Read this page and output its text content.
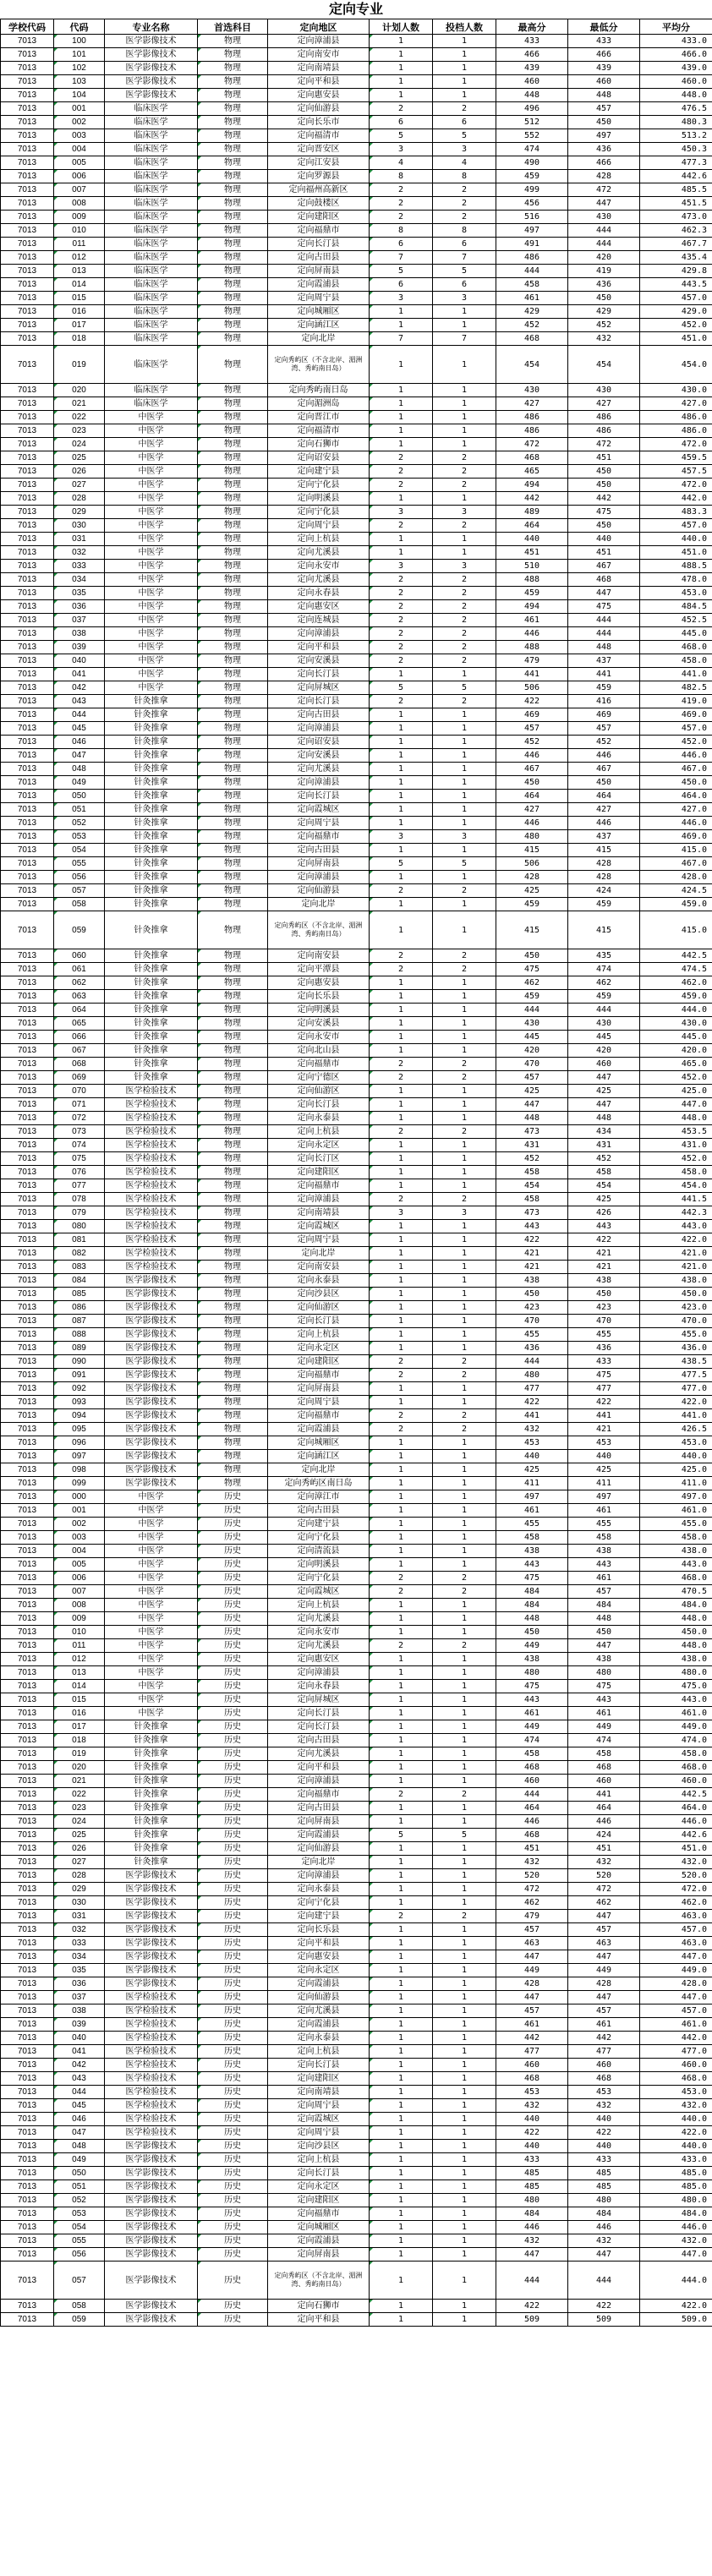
定向专业
学校代码	代码	专业名称	首选科目	定向地区	计划人数	投档人数	最高分	最低分	平均分
7013	100	医学影像技术	物理	定向漳浦县	1	1	433	433	433.0
7013	101	医学影像技术	物理	定向南安市	1	1	466	466	466.0
7013	102	医学影像技术	物理	定向南靖县	1	1	439	439	439.0
7013	103	医学影像技术	物理	定向平和县	1	1	460	460	460.0
7013	104	医学影像技术	物理	定向惠安县	1	1	448	448	448.0
7013	001	临床医学	物理	定向仙游县	2	2	496	457	476.5
7013	002	临床医学	物理	定向长乐市	6	6	512	450	480.3
7013	003	临床医学	物理	定向福清市	5	5	552	497	513.2
7013	004	临床医学	物理	定向晋安区	3	3	474	436	450.3
7013	005	临床医学	物理	定向江安县	4	4	490	466	477.3
7013	006	临床医学	物理	定向罗源县	8	8	459	428	442.6
7013	007	临床医学	物理	定向福州高新区	2	2	499	472	485.5
7013	008	临床医学	物理	定向鼓楼区	2	2	456	447	451.5
7013	009	临床医学	物理	定向建阳区	2	2	516	430	473.0
7013	010	临床医学	物理	定向福鼎市	8	8	497	444	462.3
7013	011	临床医学	物理	定向长汀县	6	6	491	444	467.7
7013	012	临床医学	物理	定向古田县	7	7	486	420	435.4
7013	013	临床医学	物理	定向屏南县	5	5	444	419	429.8
7013	014	临床医学	物理	定向霞浦县	6	6	458	436	443.5
7013	015	临床医学	物理	定向周宁县	3	3	461	450	457.0
7013	016	临床医学	物理	定向城厢区	1	1	429	429	429.0
7013	017	临床医学	物理	定向涵江区	1	1	452	452	452.0
7013	018	临床医学	物理	定向北岸	7	7	468	432	451.0
7013	019	临床医学	物理	定向秀屿区（不含北岸、湄洲湾、秀屿南日岛）	1	1	454	454	454.0
7013	020	临床医学	物理	定向秀屿南日岛	1	1	430	430	430.0
7013	021	临床医学	物理	定向湄洲岛	1	1	427	427	427.0
7013	022	中医学	物理	定向晋江市	1	1	486	486	486.0
7013	023	中医学	物理	定向福清市	1	1	486	486	486.0
7013	024	中医学	物理	定向石狮市	1	1	472	472	472.0
7013	025	中医学	物理	定向诏安县	2	2	468	451	459.5
7013	026	中医学	物理	定向建宁县	2	2	465	450	457.5
7013	027	中医学	物理	定向宁化县	2	2	494	450	472.0
7013	028	中医学	物理	定向明溪县	1	1	442	442	442.0
7013	029	中医学	物理	定向宁化县	3	3	489	475	483.3
7013	030	中医学	物理	定向周宁县	2	2	464	450	457.0
7013	031	中医学	物理	定向上杭县	1	1	440	440	440.0
7013	032	中医学	物理	定向尤溪县	1	1	451	451	451.0
7013	033	中医学	物理	定向永安市	3	3	510	467	488.5
7013	034	中医学	物理	定向尤溪县	2	2	488	468	478.0
7013	035	中医学	物理	定向永春县	2	2	459	447	453.0
7013	036	中医学	物理	定向惠安区	2	2	494	475	484.5
7013	037	中医学	物理	定向连城县	2	2	461	444	452.5
7013	038	中医学	物理	定向漳浦县	2	2	446	444	445.0
7013	039	中医学	物理	定向平和县	2	2	488	448	468.0
7013	040	中医学	物理	定向安溪县	2	2	479	437	458.0
7013	041	中医学	物理	定向长汀县	1	1	441	441	441.0
7013	042	中医学	物理	定向屏城区	5	5	506	459	482.5
7013	043	针灸推拿	物理	定向长汀县	2	2	422	416	419.0
7013	044	针灸推拿	物理	定向古田县	1	1	469	469	469.0
7013	045	针灸推拿	物理	定向漳浦县	1	1	457	457	457.0
7013	046	针灸推拿	物理	定向诏安县	1	1	452	452	452.0
7013	047	针灸推拿	物理	定向安溪县	1	1	446	446	446.0
7013	048	针灸推拿	物理	定向尤溪县	1	1	467	467	467.0
7013	049	针灸推拿	物理	定向漳浦县	1	1	450	450	450.0
7013	050	针灸推拿	物理	定向长汀县	1	1	464	464	464.0
7013	051	针灸推拿	物理	定向霞城区	1	1	427	427	427.0
7013	052	针灸推拿	物理	定向周宁县	1	1	446	446	446.0
7013	053	针灸推拿	物理	定向福鼎市	3	3	480	437	469.0
7013	054	针灸推拿	物理	定向古田县	1	1	415	415	415.0
7013	055	针灸推拿	物理	定向屏南县	5	5	506	428	467.0
7013	056	针灸推拿	物理	定向漳浦县	1	1	428	428	428.0
7013	057	针灸推拿	物理	定向仙游县	2	2	425	424	424.5
7013	058	针灸推拿	物理	定向北岸	1	1	459	459	459.0
7013	059	针灸推拿	物理	定向秀屿区（不含北岸、湄洲湾、秀屿南日岛）	1	1	415	415	415.0
7013	060	针灸推拿	物理	定向南安县	2	2	450	435	442.5
7013	061	针灸推拿	物理	定向平潭县	2	2	475	474	474.5
7013	062	针灸推拿	物理	定向惠安县	1	1	462	462	462.0
7013	063	针灸推拿	物理	定向长乐县	1	1	459	459	459.0
7013	064	针灸推拿	物理	定向明溪县	1	1	444	444	444.0
7013	065	针灸推拿	物理	定向安溪县	1	1	430	430	430.0
7013	066	针灸推拿	物理	定向永安市	1	1	445	445	445.0
7013	067	针灸推拿	物理	定向北山县	1	1	420	420	420.0
7013	068	针灸推拿	物理	定向福鼎市	2	2	470	460	465.0
7013	069	针灸推拿	物理	定向宁德区	2	2	457	447	452.0
7013	070	医学检验技术	物理	定向仙游区	1	1	425	425	425.0
7013	071	医学检验技术	物理	定向长汀县	1	1	447	447	447.0
7013	072	医学检验技术	物理	定向永泰县	1	1	448	448	448.0
7013	073	医学检验技术	物理	定向上杭县	2	2	473	434	453.5
7013	074	医学检验技术	物理	定向永定区	1	1	431	431	431.0
7013	075	医学检验技术	物理	定向长汀区	1	1	452	452	452.0
7013	076	医学检验技术	物理	定向建阳区	1	1	458	458	458.0
7013	077	医学检验技术	物理	定向福鼎市	1	1	454	454	454.0
7013	078	医学检验技术	物理	定向漳浦县	2	2	458	425	441.5
7013	079	医学检验技术	物理	定向南靖县	3	3	473	426	442.3
7013	080	医学检验技术	物理	定向霞城区	1	1	443	443	443.0
7013	081	医学检验技术	物理	定向周宁县	1	1	422	422	422.0
7013	082	医学检验技术	物理	定向北岸	1	1	421	421	421.0
7013	083	医学检验技术	物理	定向南安县	1	1	421	421	421.0
7013	084	医学影像技术	物理	定向永泰县	1	1	438	438	438.0
7013	085	医学影像技术	物理	定向沙县区	1	1	450	450	450.0
7013	086	医学影像技术	物理	定向仙游区	1	1	423	423	423.0
7013	087	医学影像技术	物理	定向长汀县	1	1	470	470	470.0
7013	088	医学影像技术	物理	定向上杭县	1	1	455	455	455.0
7013	089	医学影像技术	物理	定向永定区	1	1	436	436	436.0
7013	090	医学影像技术	物理	定向建阳区	2	2	444	433	438.5
7013	091	医学影像技术	物理	定向福鼎市	2	2	480	475	477.5
7013	092	医学影像技术	物理	定向屏南县	1	1	477	477	477.0
7013	093	医学影像技术	物理	定向周宁县	1	1	422	422	422.0
7013	094	医学影像技术	物理	定向福鼎市	2	2	441	441	441.0
7013	095	医学影像技术	物理	定向霞浦县	2	2	432	421	426.5
7013	096	医学影像技术	物理	定向城厢区	1	1	453	453	453.0
7013	097	医学影像技术	物理	定向涵江区	1	1	440	440	440.0
7013	098	医学影像技术	物理	定向北岸	1	1	425	425	425.0
7013	099	医学影像技术	物理	定向秀屿区南日岛	1	1	411	411	411.0
7013	000	中医学	历史	定向漳江市	1	1	497	497	497.0
7013	001	中医学	历史	定向古田县	1	1	461	461	461.0
7013	002	中医学	历史	定向建宁县	1	1	455	455	455.0
7013	003	中医学	历史	定向宁化县	1	1	458	458	458.0
7013	004	中医学	历史	定向清流县	1	1	438	438	438.0
7013	005	中医学	历史	定向明溪县	1	1	443	443	443.0
7013	006	中医学	历史	定向宁化县	2	2	475	461	468.0
7013	007	中医学	历史	定向霞城区	2	2	484	457	470.5
7013	008	中医学	历史	定向上杭县	1	1	484	484	484.0
7013	009	中医学	历史	定向尤溪县	1	1	448	448	448.0
7013	010	中医学	历史	定向永安市	1	1	450	450	450.0
7013	011	中医学	历史	定向尤溪县	2	2	449	447	448.0
7013	012	中医学	历史	定向惠安区	1	1	438	438	438.0
7013	013	中医学	历史	定向漳浦县	1	1	480	480	480.0
7013	014	中医学	历史	定向永春县	1	1	475	475	475.0
7013	015	中医学	历史	定向屏城区	1	1	443	443	443.0
7013	016	中医学	历史	定向长汀县	1	1	461	461	461.0
7013	017	针灸推拿	历史	定向长汀县	1	1	449	449	449.0
7013	018	针灸推拿	历史	定向古田县	1	1	474	474	474.0
7013	019	针灸推拿	历史	定向尤溪县	1	1	458	458	458.0
7013	020	针灸推拿	历史	定向平和县	1	1	468	468	468.0
7013	021	针灸推拿	历史	定向漳浦县	1	1	460	460	460.0
7013	022	针灸推拿	历史	定向福鼎市	2	2	444	441	442.5
7013	023	针灸推拿	历史	定向古田县	1	1	464	464	464.0
7013	024	针灸推拿	历史	定向屏南县	1	1	446	446	446.0
7013	025	针灸推拿	历史	定向霞浦县	5	5	468	424	442.6
7013	026	针灸推拿	历史	定向仙游县	1	1	451	451	451.0
7013	027	针灸推拿	历史	定向北岸	1	1	432	432	432.0
7013	028	医学影像技术	历史	定向漳浦县	1	1	520	520	520.0
7013	029	医学影像技术	历史	定向永泰县	1	1	472	472	472.0
7013	030	医学影像技术	历史	定向宁化县	1	1	462	462	462.0
7013	031	医学影像技术	历史	定向建宁县	2	2	479	447	463.0
7013	032	医学影像技术	历史	定向长乐县	1	1	457	457	457.0
7013	033	医学影像技术	历史	定向平和县	1	1	463	463	463.0
7013	034	医学影像技术	历史	定向惠安县	1	1	447	447	447.0
7013	035	医学影像技术	历史	定向永定区	1	1	449	449	449.0
7013	036	医学影像技术	历史	定向霞浦县	1	1	428	428	428.0
7013	037	医学检验技术	历史	定向仙游县	1	1	447	447	447.0
7013	038	医学检验技术	历史	定向尤溪县	1	1	457	457	457.0
7013	039	医学检验技术	历史	定向霞浦县	1	1	461	461	461.0
7013	040	医学检验技术	历史	定向永泰县	1	1	442	442	442.0
7013	041	医学检验技术	历史	定向上杭县	1	1	477	477	477.0
7013	042	医学检验技术	历史	定向长汀县	1	1	460	460	460.0
7013	043	医学检验技术	历史	定向建阳区	1	1	468	468	468.0
7013	044	医学检验技术	历史	定向南靖县	1	1	453	453	453.0
7013	045	医学检验技术	历史	定向周宁县	1	1	432	432	432.0
7013	046	医学检验技术	历史	定向霞城区	1	1	440	440	440.0
7013	047	医学检验技术	历史	定向周宁县	1	1	422	422	422.0
7013	048	医学影像技术	历史	定向沙县区	1	1	440	440	440.0
7013	049	医学影像技术	历史	定向上杭县	1	1	433	433	433.0
7013	050	医学影像技术	历史	定向长汀县	1	1	485	485	485.0
7013	051	医学影像技术	历史	定向永定区	1	1	485	485	485.0
7013	052	医学影像技术	历史	定向建阳区	1	1	480	480	480.0
7013	053	医学影像技术	历史	定向福鼎市	1	1	484	484	484.0
7013	054	医学影像技术	历史	定向城厢区	1	1	446	446	446.0
7013	055	医学影像技术	历史	定向霞浦县	1	1	432	432	432.0
7013	056	医学影像技术	历史	定向屏南县	1	1	447	447	447.0
7013	057	医学影像技术	历史	定向秀屿区（不含北岸、湄洲湾、秀屿南日岛）	1	1	444	444	444.0
7013	058	医学影像技术	历史	定向石狮市	1	1	422	422	422.0
7013	059	医学影像技术	历史	定向平和县	1	1	509	509	509.0
